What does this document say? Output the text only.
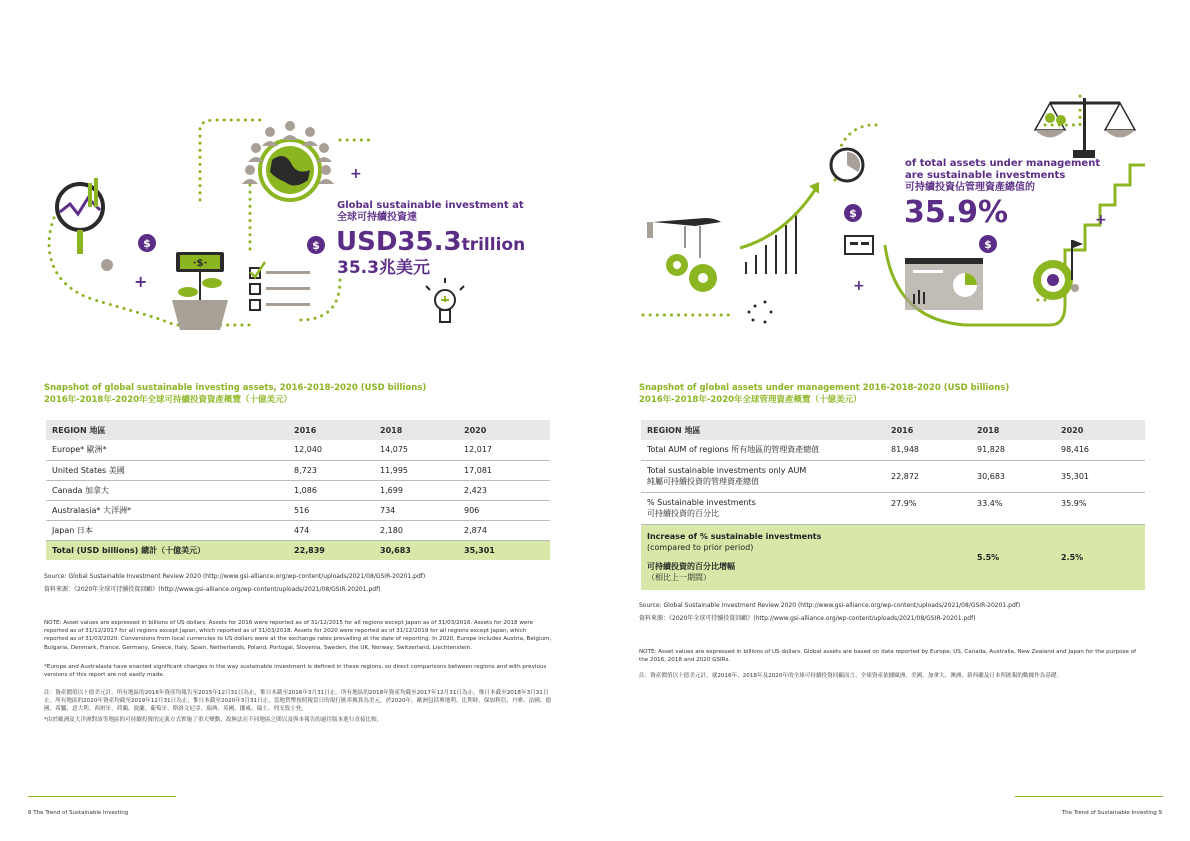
$
+
·$·
+
$
Global sustainable investment at
全球可持續投資達
USD35.3trillion
35.3兆美元
Snapshot of global sustainable investing assets, 2016-2018-2020 (USD billions)
2016年-2018年-2020年全球可持續投資資產概覽（十億美元）
REGION 地區	2016	2018	2020
Europe* 歐洲*	12,040	14,075	12,017
United States 美國	8,723	11,995	17,081
Canada 加拿大	1,086	1,699	2,423
Australasia* 大洋洲*	516	734	906
Japan 日本	474	2,180	2,874
Total (USD billions) 總計（十億美元）	22,839	30,683	35,301
Source: Global Sustainable Investment Review 2020 (http://www.gsi-alliance.org/wp-content/uploads/2021/08/GSIR-20201.pdf)
資料來源：《2020年全球可持續投資回顧》(http://www.gsi-alliance.org/wp-content/uploads/2021/08/GSIR-20201.pdf)
NOTE: Asset values are expressed in billions of US dollars. Assets for 2016 were reported as of 31/12/2015 for all regions except Japan as of 31/03/2016. Assets for 2018 were reported as of 31/12/2017 for all regions except Japan, which reported as of 31/03/2018. Assets for 2020 were reported as of 31/12/2019 for all regions except Japan, which reported as of 31/03/2020. Conversions from local currencies to US dollars were at the exchange rates prevailing at the date of reporting. In 2020, Europe includes Austria, Belgium, Bulgaria, Denmark, France, Germany, Greece, Italy, Spain, Netherlands, Poland, Portugal, Slovenia, Sweden, the UK, Norway, Switzerland, Liechtenstein.
*Europe and Australasia have enacted significant changes in the way sustainable investment is defined in these regions, so direct comparisons between regions and with previous versions of this report are not easily made.
註：資產價值以十億美元計。所有地區的2016年資產均報告至2015年12月31日為止，惟日本截至2016年3月31日止。所有地區的2018年資產均截至2017年12月31日為止，惟日本截至2018年3月31日止。所有地區的2020年資產均截至2019年12月31日為止，惟日本截至2020年3月31日止。當地貨幣按照報當日的現行匯率換算為美元。於2020年，歐洲包括奧地利、比利時、保加利亞、丹麥、法國、德國、希臘、意大利、西班牙、荷蘭、波蘭、葡萄牙、斯洛文尼亞、瑞典、英國、挪威、瑞士、列支敦士登。
*由於歐洲及大洋洲對該等地區的可持續投資的定義方式實施了重大變動，故無法在不同地區之間以及與本報告的過往版本進行直接比較。
8 The Trend of Sustainable Investing
$
+
$
+
of total assets under management
are sustainable investments
可持續投資佔管理資產總值的
35.9%
Snapshot of global assets under management 2016-2018-2020 (USD billions)
2016年-2018年-2020年全球管理資產概覽（十億美元）
REGION 地區	2016	2018	2020
Total AUM of regions 所有地區的管理資產總值	81,948	91,828	98,416

Total sustainable investments only AUM
純屬可持續投資的管理資產總值	22,872	30,683	35,301

% Sustainable investments
可持續投資的百分比	27.9%	33.4%	35.9%

Increase of % sustainable investments
(compared to prior period)
可持續投資的百分比增幅
（相比上一期間）		5.5%	2.5%
Source: Global Sustainable Investment Review 2020 (http://www.gsi-alliance.org/wp-content/uploads/2021/08/GSIR-20201.pdf)
資料來源：《2020年全球可持續投資回顧》(http://www.gsi-alliance.org/wp-content/uploads/2021/08/GSIR-20201.pdf)
NOTE: Asset values are expressed in billions of US dollars. Global assets are based on data reported by Europe, US, Canada, Australia, New Zealand and Japan for the purpose of the 2016, 2018 and 2020 GSIRs.
註：資產價值以十億美元計。就2016年、2018年及2020年的全球可持續投資回顧而言，全球資產依據歐洲、美國、加拿大、澳洲、新西蘭及日本所匯報的數據作為基礎。
The Trend of Sustainable Investing 9
